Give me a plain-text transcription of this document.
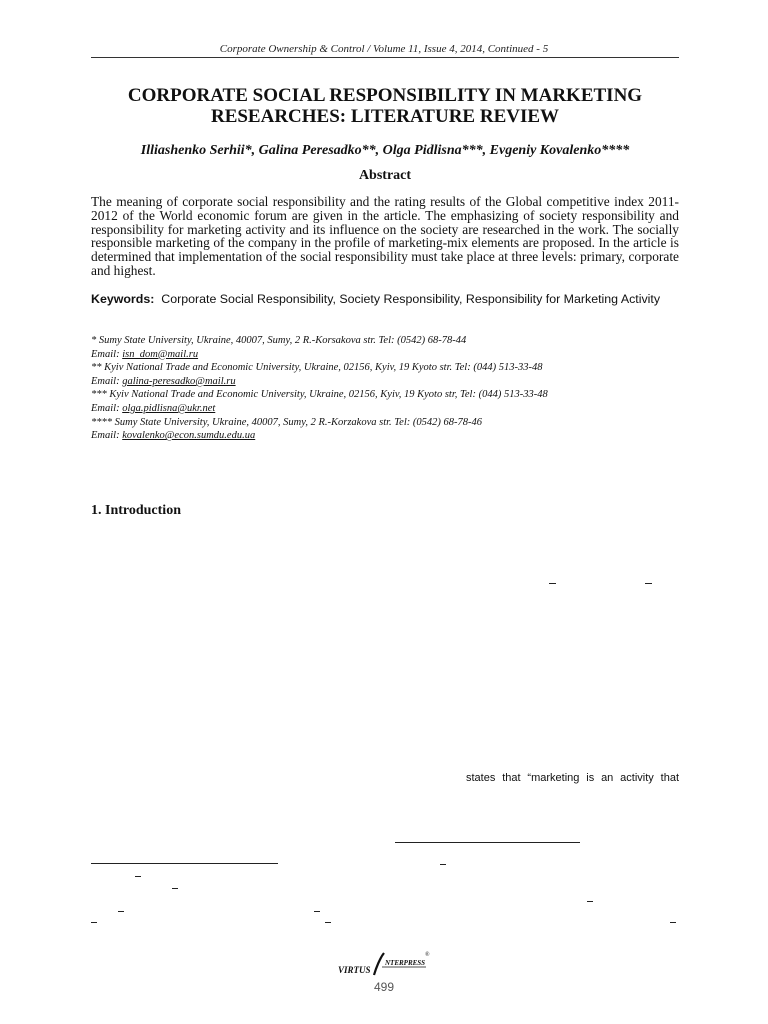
Corporate Ownership & Control / Volume 11, Issue 4, 2014, Continued - 5
CORPORATE SOCIAL RESPONSIBILITY IN MARKETING RESEARCHES: LITERATURE REVIEW
Illiashenko Serhii*, Galina Peresadko**, Olga Pidlisna***, Evgeniy Kovalenko****
Abstract
The meaning of corporate social responsibility and the rating results of the Global competitive index 2011- 2012 of the World economic forum are given in the article. The emphasizing of society responsibility and responsibility for marketing activity and its influence on the society are researched in the work. The socially responsible marketing of the company in the profile of marketing-mix elements are proposed. In the article is determined that implementation of the social responsibility must take place at three levels: primary, corporate and highest.
Keywords: Corporate Social Responsibility, Society Responsibility, Responsibility for Marketing Activity
* Sumy State University, Ukraine, 40007, Sumy, 2 R.-Korsakova str. Tel: (0542) 68-78-44
Email: isn_dom@mail.ru
** Kyiv National Trade and Economic University, Ukraine, 02156, Kyiv, 19 Kyoto str. Tel: (044) 513-33-48
Email: galina-peresadko@mail.ru
*** Kyiv National Trade and Economic University, Ukraine, 02156, Kyiv, 19 Kyoto str, Tel: (044) 513-33-48
Email: olga.pidlisna@ukr.net
**** Sumy State University, Ukraine, 40007, Sumy, 2 R.-Korzakova str. Tel: (0542) 68-78-46
Email: kovalenko@econ.sumdu.edu.ua
1. Introduction
states that “marketing is an activity that
VIRTUS
NTERPRESS
®
499
